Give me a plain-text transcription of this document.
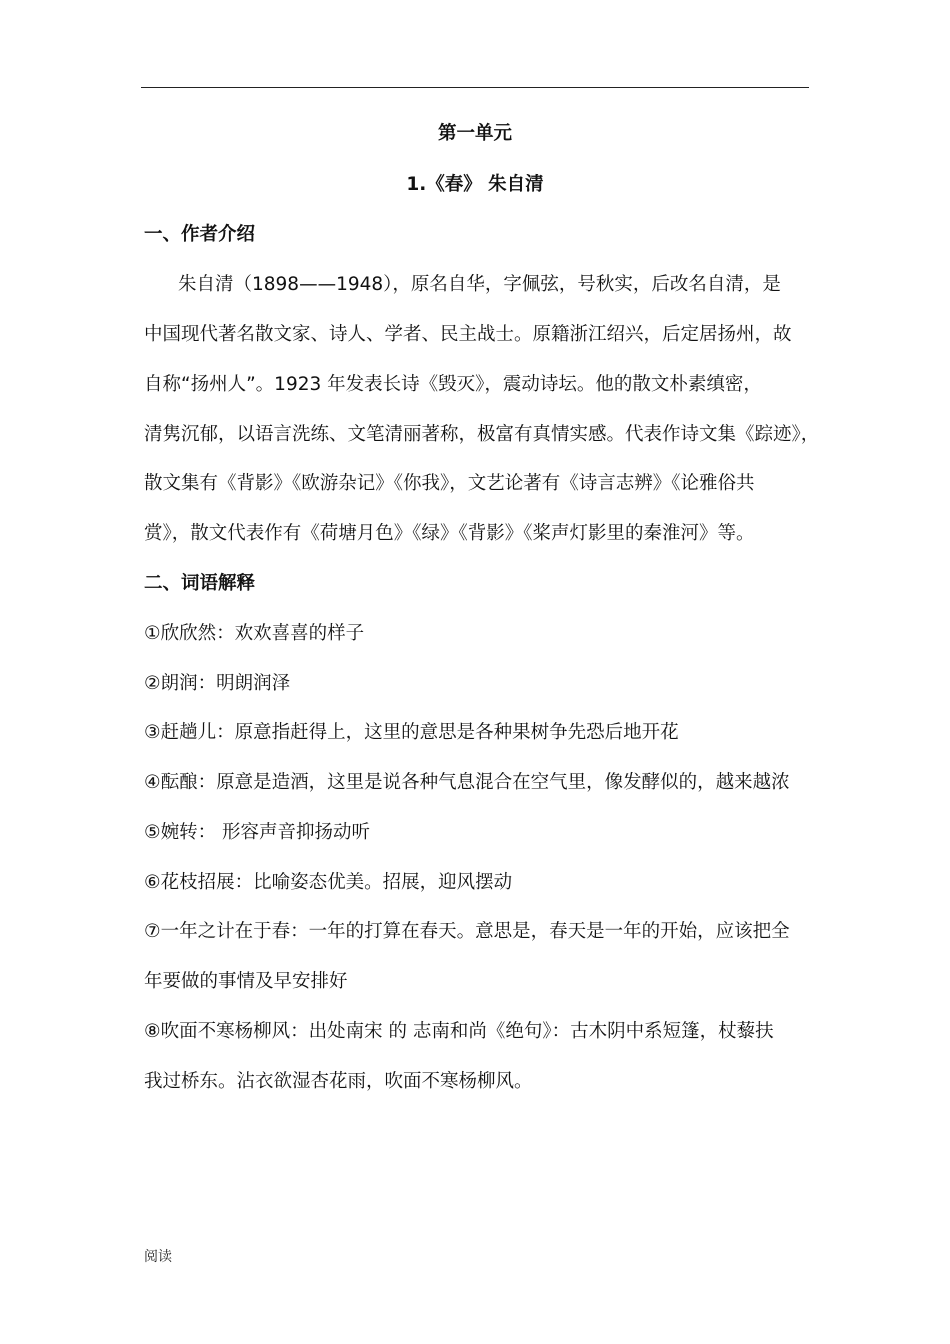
第一单元
1.《春》 朱自清
一、作者介绍
朱自清（1898——1948），原名自华，字佩弦，号秋实，后改名自清，是
中国现代著名散文家、诗人、学者、民主战士。原籍浙江绍兴，后定居扬州，故
自称“扬州人”。1923 年发表长诗《毁灭》，震动诗坛。他的散文朴素缜密，
清隽沉郁，以语言洗练、文笔清丽著称，极富有真情实感。代表作诗文集《踪迹》，
散文集有《背影》《欧游杂记》《你我》，文艺论著有《诗言志辨》《论雅俗共
赏》，散文代表作有《荷塘月色》《绿》《背影》《桨声灯影里的秦淮河》等。
二、词语解释
①欣欣然：欢欢喜喜的样子
②朗润：明朗润泽
③赶趟儿：原意指赶得上，这里的意思是各种果树争先恐后地开花
④酝酿：原意是造酒，这里是说各种气息混合在空气里，像发酵似的，越来越浓
⑤婉转： 形容声音抑扬动听
⑥花枝招展：比喻姿态优美。招展，迎风摆动
⑦一年之计在于春：一年的打算在春天。意思是，春天是一年的开始，应该把全
年要做的事情及早安排好
⑧吹面不寒杨柳风：出处南宋 的 志南和尚《绝句》：古木阴中系短篷，杖藜扶
我过桥东。沾衣欲湿杏花雨，吹面不寒杨柳风。
阅读
